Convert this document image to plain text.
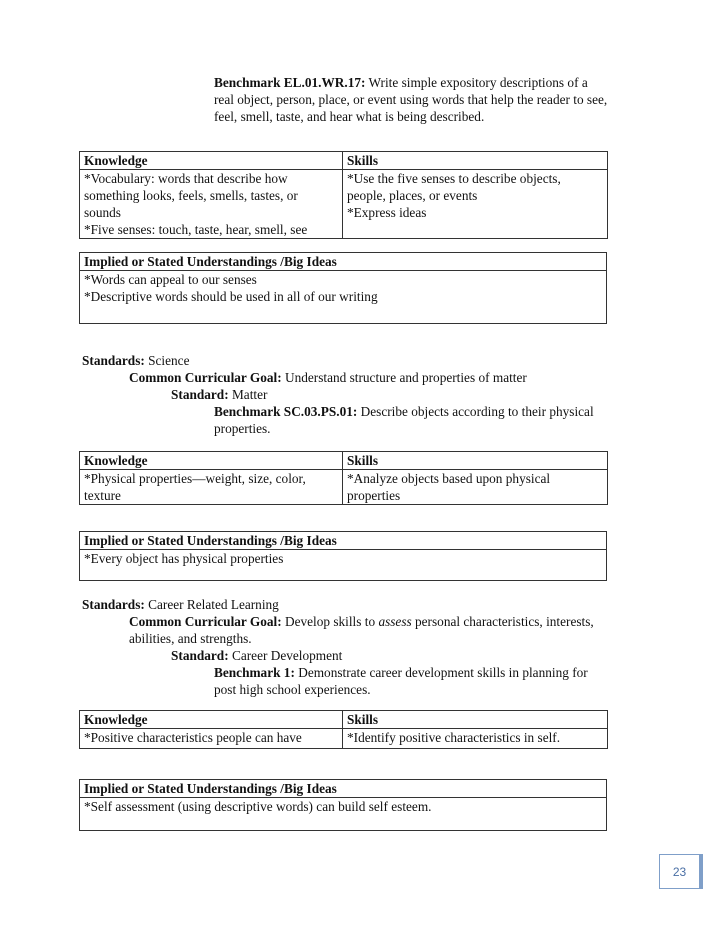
Benchmark EL.01.WR.17: Write simple expository descriptions of a
real object, person, place, or event using words that help the reader to see,
feel, smell, taste, and hear what is being described.
Knowledge	Skills

*Vocabulary: words that describe how
something looks, feels, smells, tastes, or
sounds
*Five senses: touch, taste, hear, smell, see	*Use the five senses to describe objects,
people, places, or events
*Express ideas
Implied or Stated Understandings /Big Ideas

*Words can appeal to our senses
*Descriptive words should be used in all of our writing
Standards: Science
Common Curricular Goal: Understand structure and properties of matter
Standard: Matter
Benchmark SC.03.PS.01: Describe objects according to their physical
properties.
Knowledge	Skills

*Physical properties—weight, size, color,
texture	*Analyze objects based upon physical
properties
Implied or Stated Understandings /Big Ideas

*Every object has physical properties
Standards: Career Related Learning
Common Curricular Goal: Develop skills to assess personal characteristics, interests,
abilities, and strengths.
Standard: Career Development
Benchmark 1: Demonstrate career development skills in planning for
post high school experiences.
Knowledge	Skills

*Positive characteristics people can have	*Identify positive characteristics in self.
Implied or Stated Understandings /Big Ideas

*Self assessment (using descriptive words) can build self esteem.
23
